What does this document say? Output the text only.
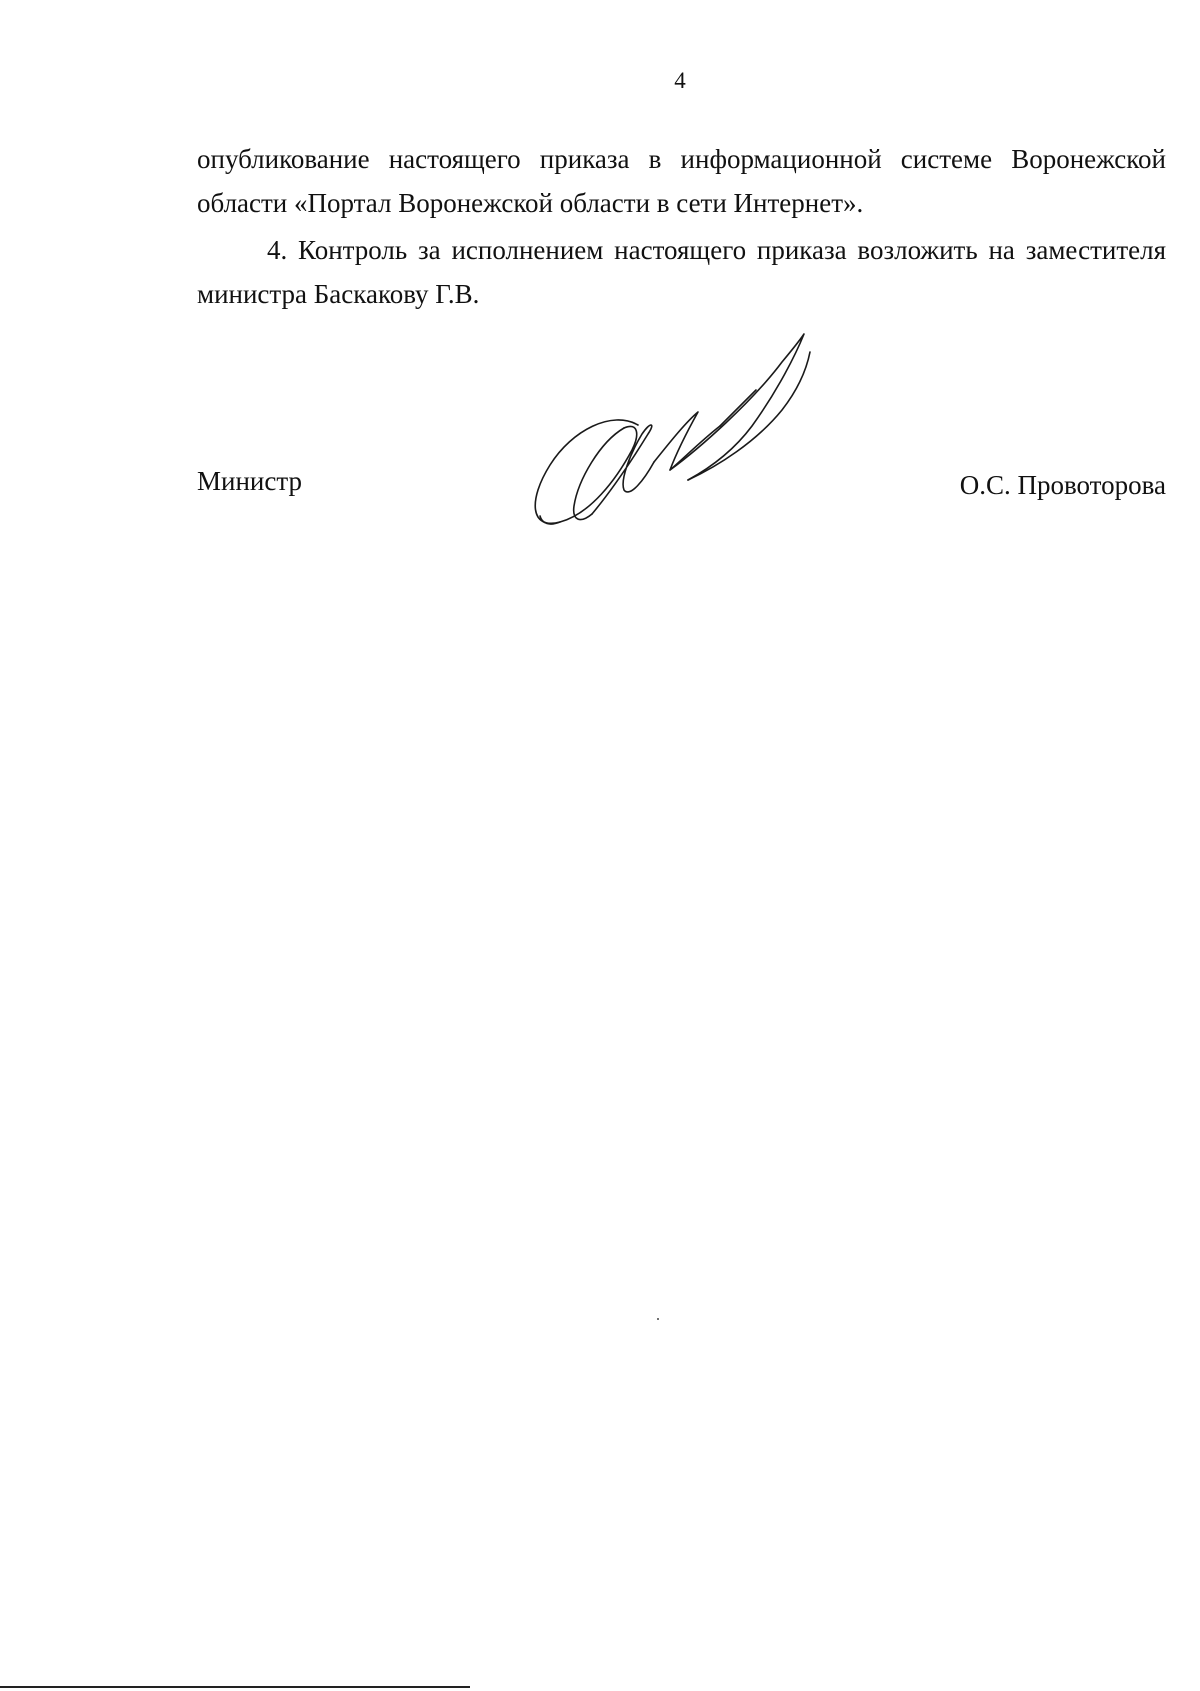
4

опубликование настоящего приказа в информационной системе Воронежской области «Портал Воронежской области в сети Интернет».

4. Контроль за исполнением настоящего приказа возложить на заместителя министра Баскакову Г.В.

Министр	О.С. Провоторова
